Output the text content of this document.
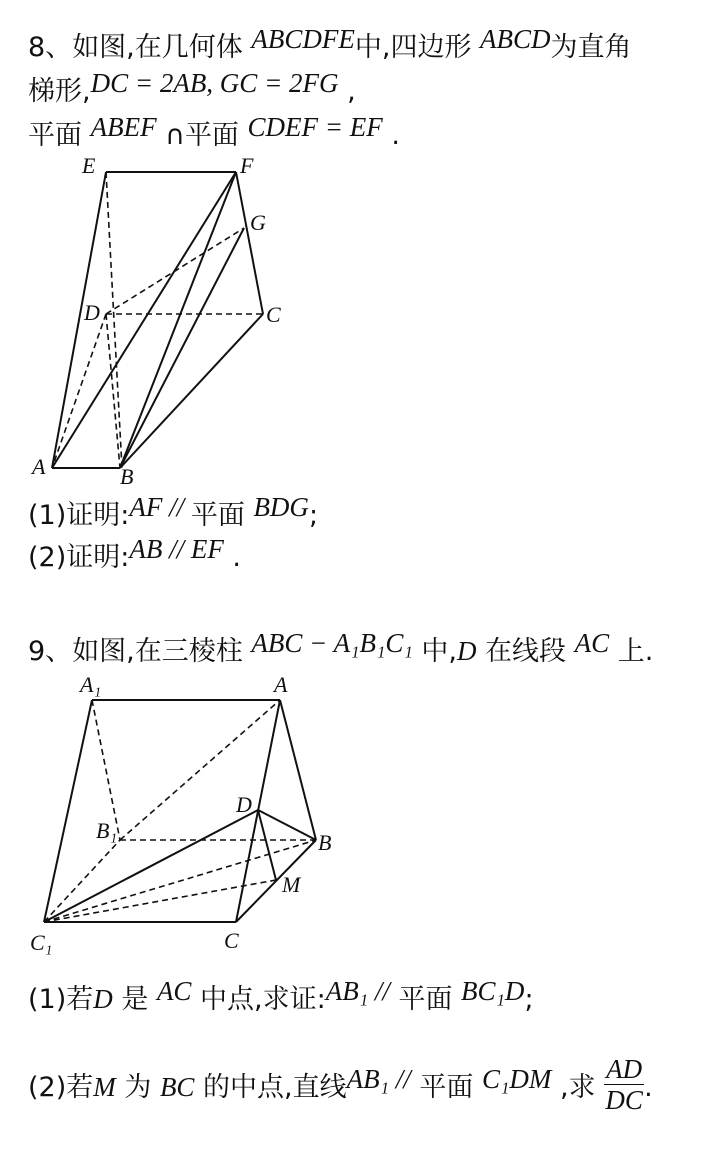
8、如图,在几何体 ABCDFE中,四边形 ABCD为直角
梯形,DC = 2AB, GC = 2FG ,
平面 ABEF ∩平面 CDEF = EF .
E	F
G
D	C
A	B
(1)证明:AF // 平面 BDG;
(2)证明:AB // EF .
9、如图,在三棱柱 ABC − A₁B₁C₁ 中,D 在线段 AC 上.
A₁	A
D
B₁	B
M
C₁	C
(1)若D 是 AC 中点,求证:AB₁ // 平面 BC₁D;
(2)若M 为 BC 的中点,直线AB₁ // 平面 C₁DM ,求 $\frac{AD}{DC}$ .
